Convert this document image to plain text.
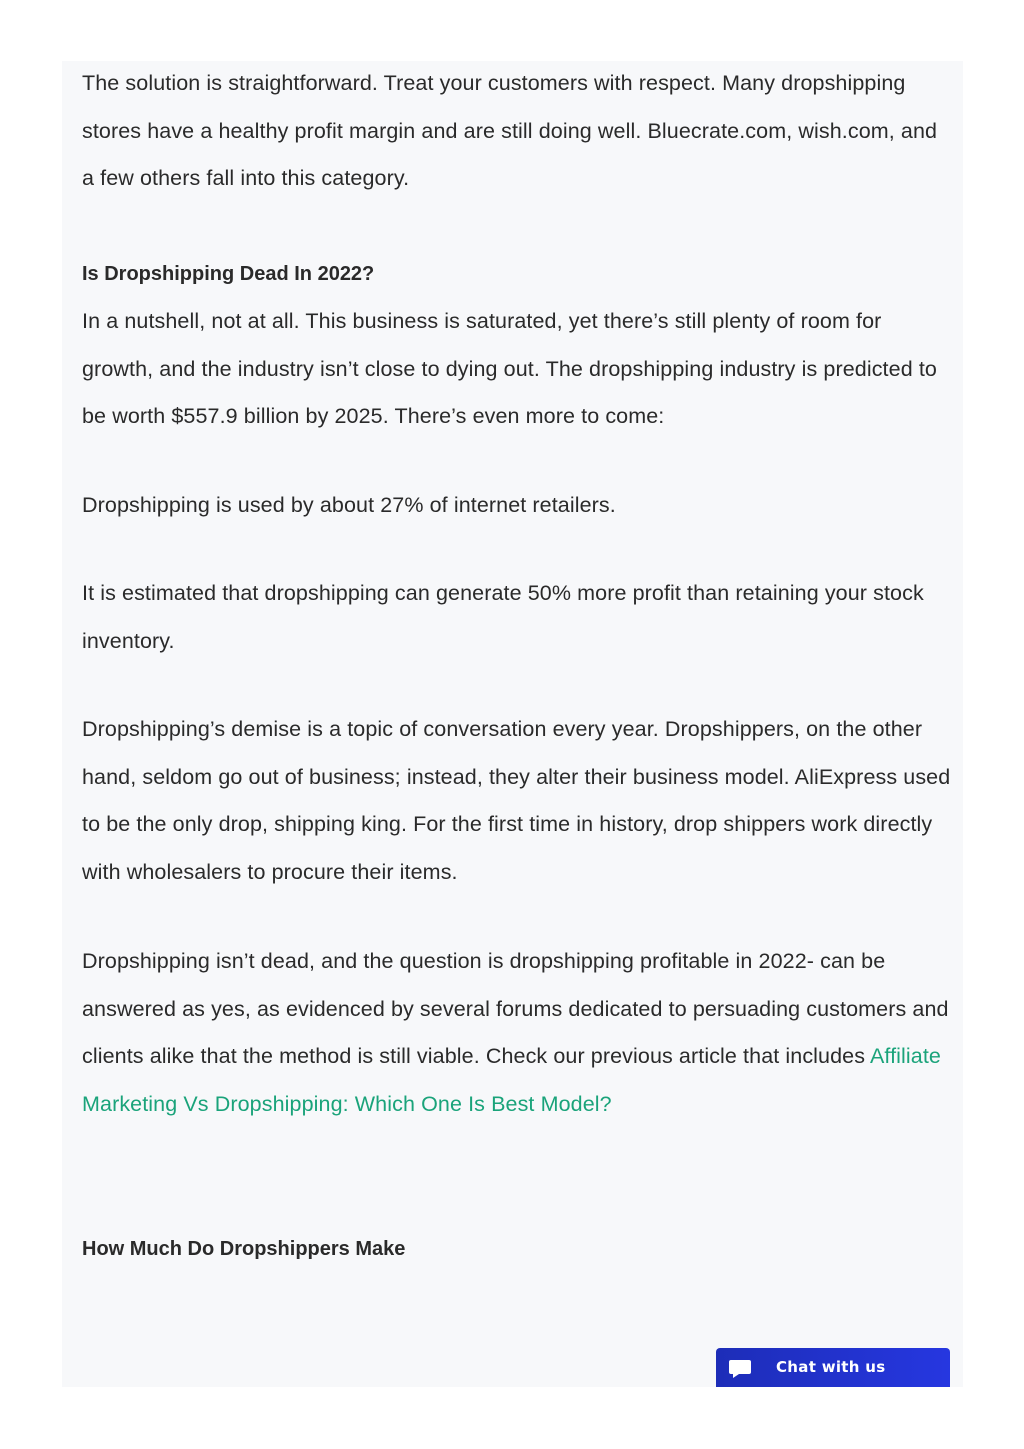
The solution is straightforward. Treat your customers with respect. Many dropshipping stores have a healthy profit margin and are still doing well. Bluecrate.com, wish.com, and a few others fall into this category.

Is Dropshipping Dead In 2022?

In a nutshell, not at all. This business is saturated, yet there’s still plenty of room for growth, and the industry isn’t close to dying out. The dropshipping industry is predicted to be worth $557.9 billion by 2025. There’s even more to come:

Dropshipping is used by about 27% of internet retailers.

It is estimated that dropshipping can generate 50% more profit than retaining your stock inventory.

Dropshipping’s demise is a topic of conversation every year. Dropshippers, on the other hand, seldom go out of business; instead, they alter their business model. AliExpress used to be the only drop, shipping king. For the first time in history, drop shippers work directly with wholesalers to procure their items.

Dropshipping isn’t dead, and the question is dropshipping profitable in 2022- can be answered as yes, as evidenced by several forums dedicated to persuading customers and clients alike that the method is still viable. Check our previous article that includes Affiliate Marketing Vs Dropshipping: Which One Is Best Model?

How Much Do Dropshippers Make
Chat with us
